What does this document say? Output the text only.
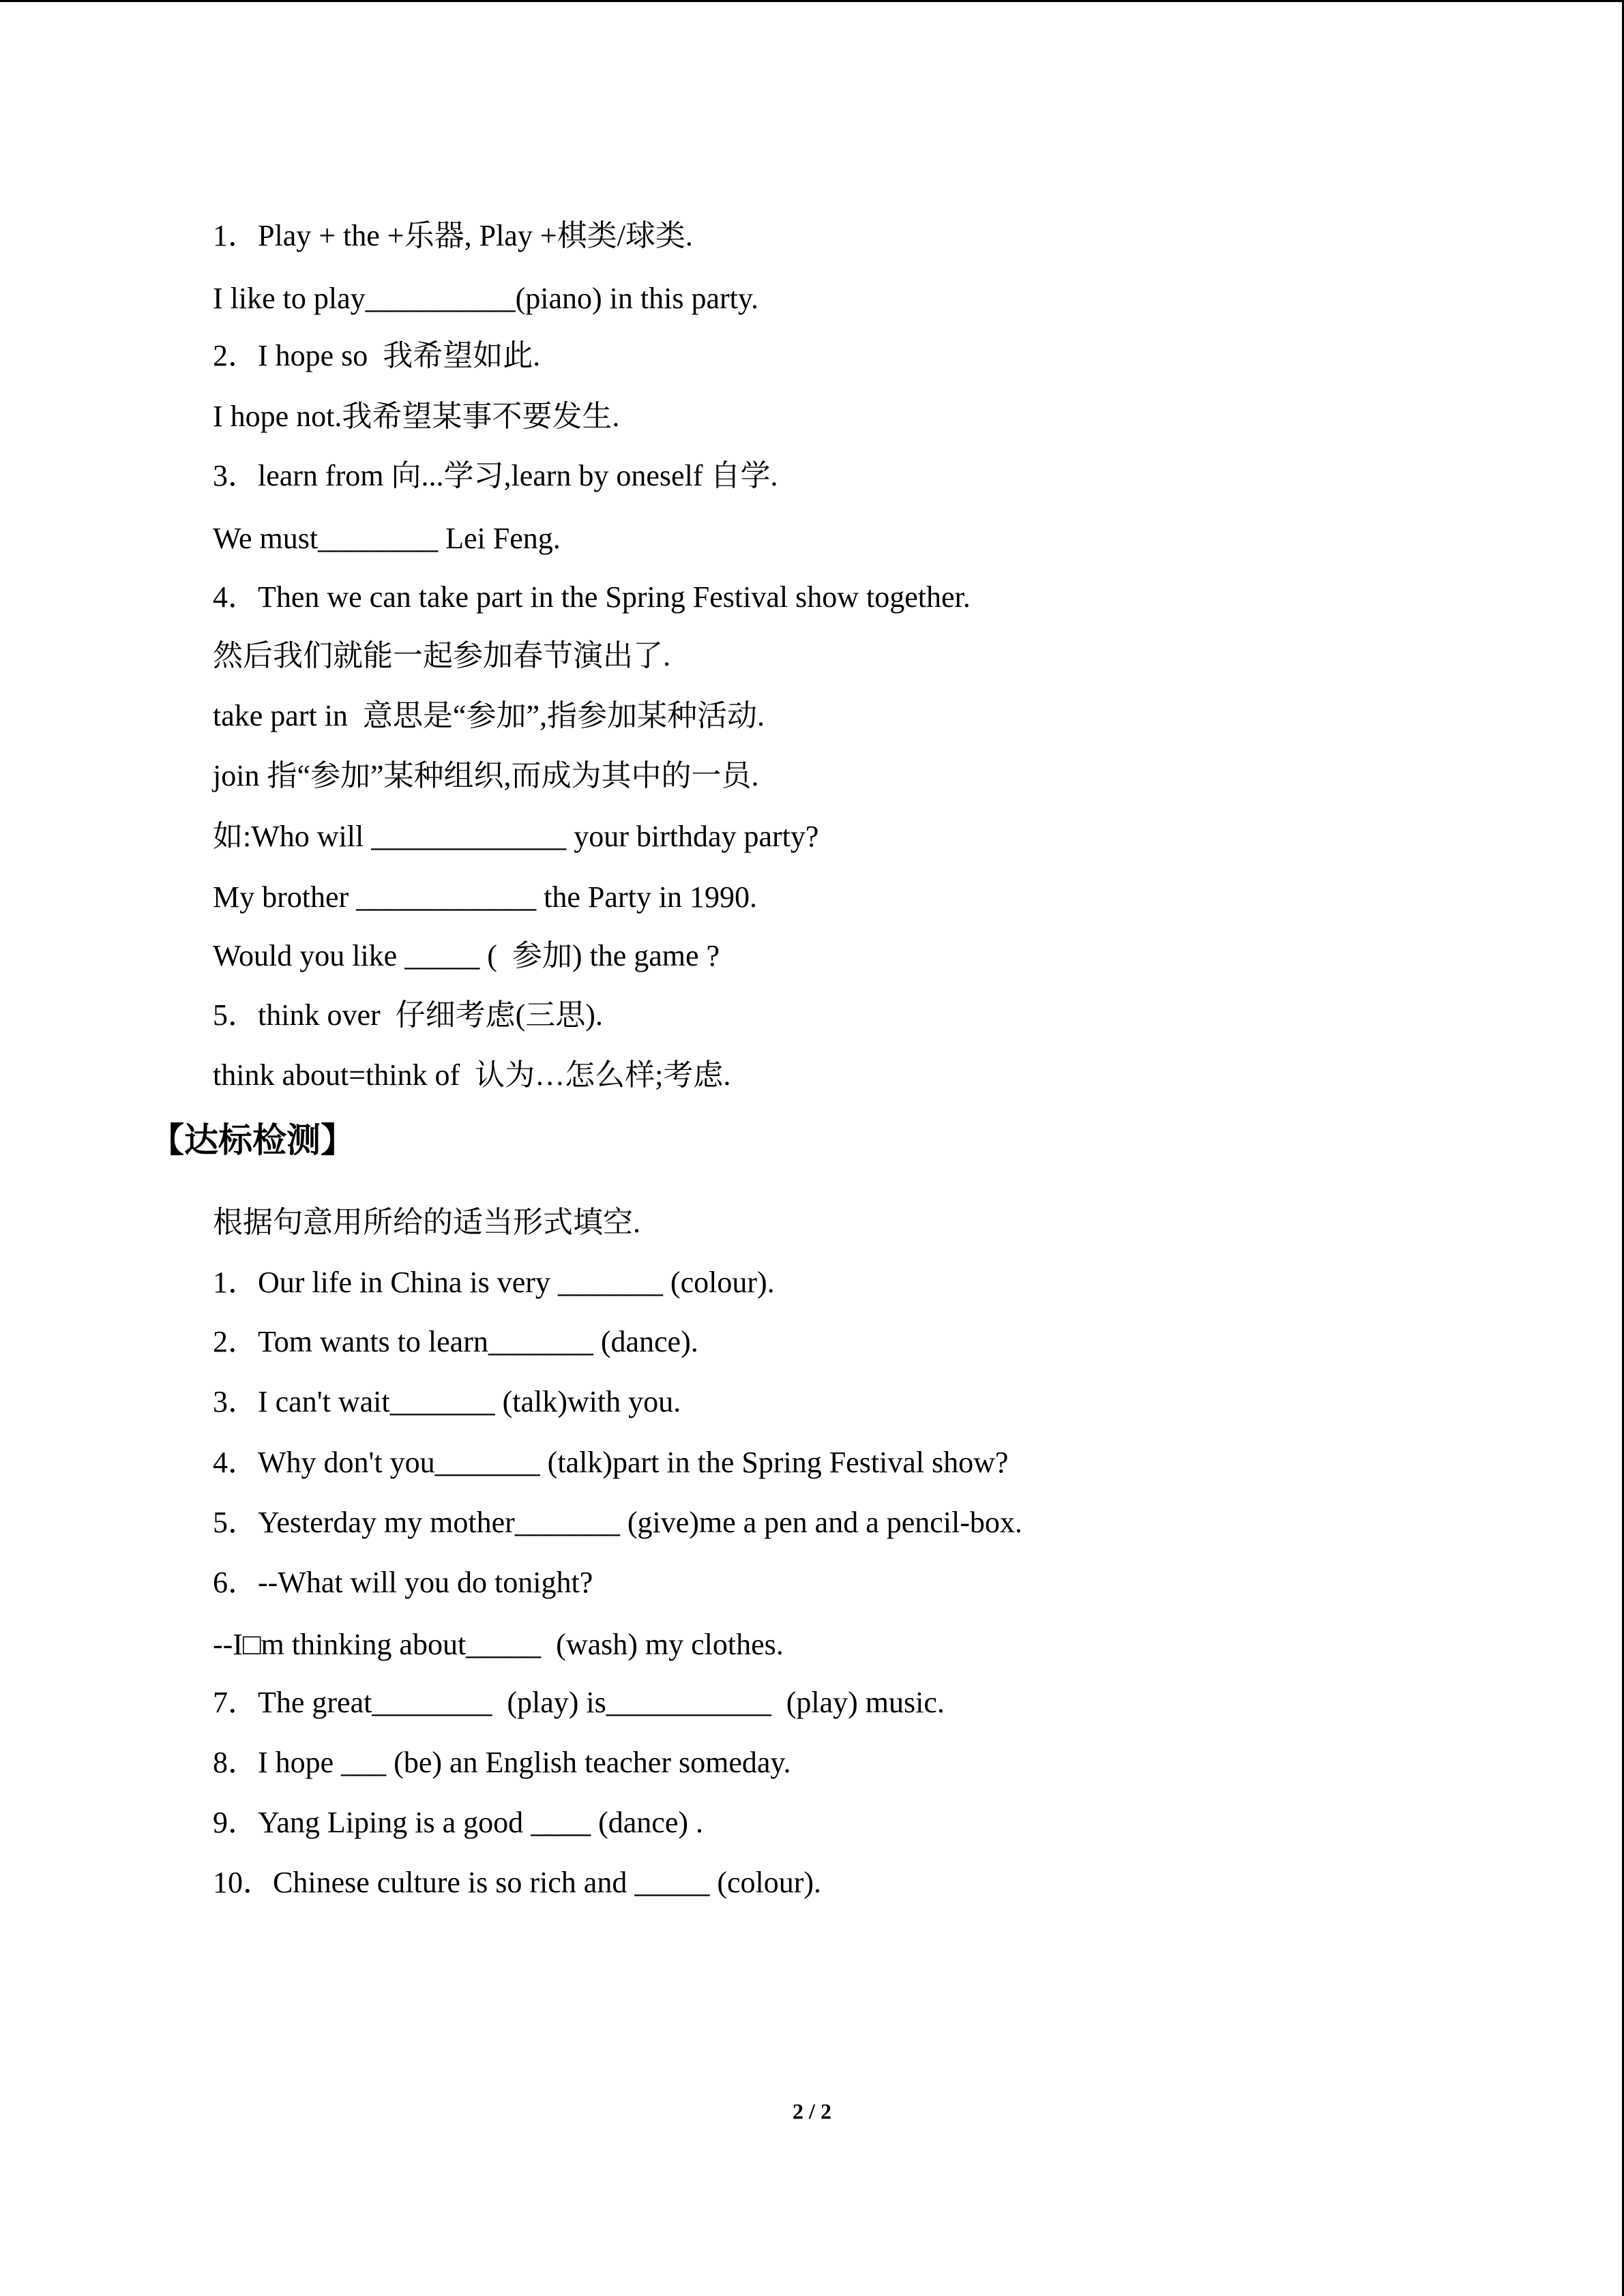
1．Play + the +乐器, Play +棋类/球类.
I like to play__________(piano) in this party.
2．I hope so  我希望如此.
I hope not.我希望某事不要发生.
3．learn from 向...学习,learn by oneself 自学.
We must________ Lei Feng.
4．Then we can take part in the Spring Festival show together.
然后我们就能一起参加春节演出了.
take part in  意思是“参加”,指参加某种活动.
join 指“参加”某种组织,而成为其中的一员.
如:Who will _____________ your birthday party?
My brother ____________ the Party in 1990.
Would you like _____ (  参加) the game ?
5．think over  仔细考虑(三思).
think about=think of  认为…怎么样;考虑.
【达标检测】
根据句意用所给的适当形式填空.
1．Our life in China is very _______ (colour).
2．Tom wants to learn_______ (dance).
3．I can't wait_______ (talk)with you.
4．Why don't you_______ (talk)part in the Spring Festival show?
5．Yesterday my mother_______ (give)me a pen and a pencil-box.
6．--What will you do tonight?
--I□m thinking about_____  (wash) my clothes.
7．The great________  (play) is___________  (play) music.
8．I hope ___ (be) an English teacher someday.
9．Yang Liping is a good ____ (dance) .
10．Chinese culture is so rich and _____ (colour).
2 / 2
